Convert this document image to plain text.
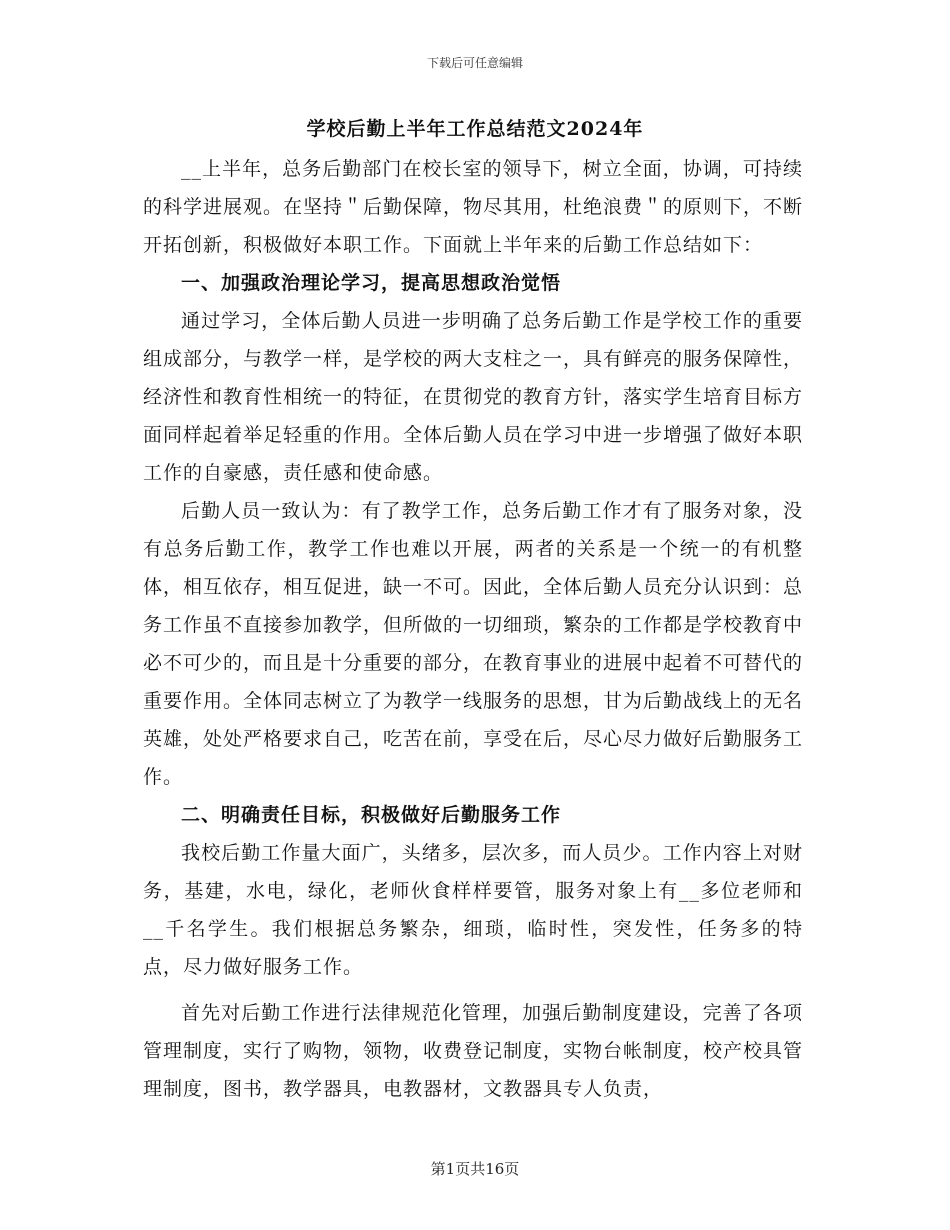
下载后可任意编辑
学校后勤上半年工作总结范文2024年

__上半年，总务后勤部门在校长室的领导下，树立全面，协调，可持续的科学进展观。在坚持＂后勤保障，物尽其用，杜绝浪费＂的原则下，不断开拓创新，积极做好本职工作。下面就上半年来的后勤工作总结如下：

一、加强政治理论学习，提高思想政治觉悟

通过学习，全体后勤人员进一步明确了总务后勤工作是学校工作的重要组成部分，与教学一样，是学校的两大支柱之一，具有鲜亮的服务保障性，经济性和教育性相统一的特征，在贯彻党的教育方针，落实学生培育目标方面同样起着举足轻重的作用。全体后勤人员在学习中进一步增强了做好本职工作的自豪感，责任感和使命感。

后勤人员一致认为：有了教学工作，总务后勤工作才有了服务对象，没有总务后勤工作，教学工作也难以开展，两者的关系是一个统一的有机整体，相互依存，相互促进，缺一不可。因此，全体后勤人员充分认识到：总务工作虽不直接参加教学，但所做的一切细琐，繁杂的工作都是学校教育中必不可少的，而且是十分重要的部分，在教育事业的进展中起着不可替代的重要作用。全体同志树立了为教学一线服务的思想，甘为后勤战线上的无名英雄，处处严格要求自己，吃苦在前，享受在后，尽心尽力做好后勤服务工作。

二、明确责任目标，积极做好后勤服务工作

我校后勤工作量大面广，头绪多，层次多，而人员少。工作内容上对财务，基建，水电，绿化，老师伙食样样要管，服务对象上有__多位老师和__千名学生。我们根据总务繁杂，细琐，临时性，突发性，任务多的特点，尽力做好服务工作。

首先对后勤工作进行法律规范化管理，加强后勤制度建设，完善了各项管理制度，实行了购物，领物，收费登记制度，实物台帐制度，校产校具管理制度，图书，教学器具，电教器材，文教器具专人负责，

第1页共16页
